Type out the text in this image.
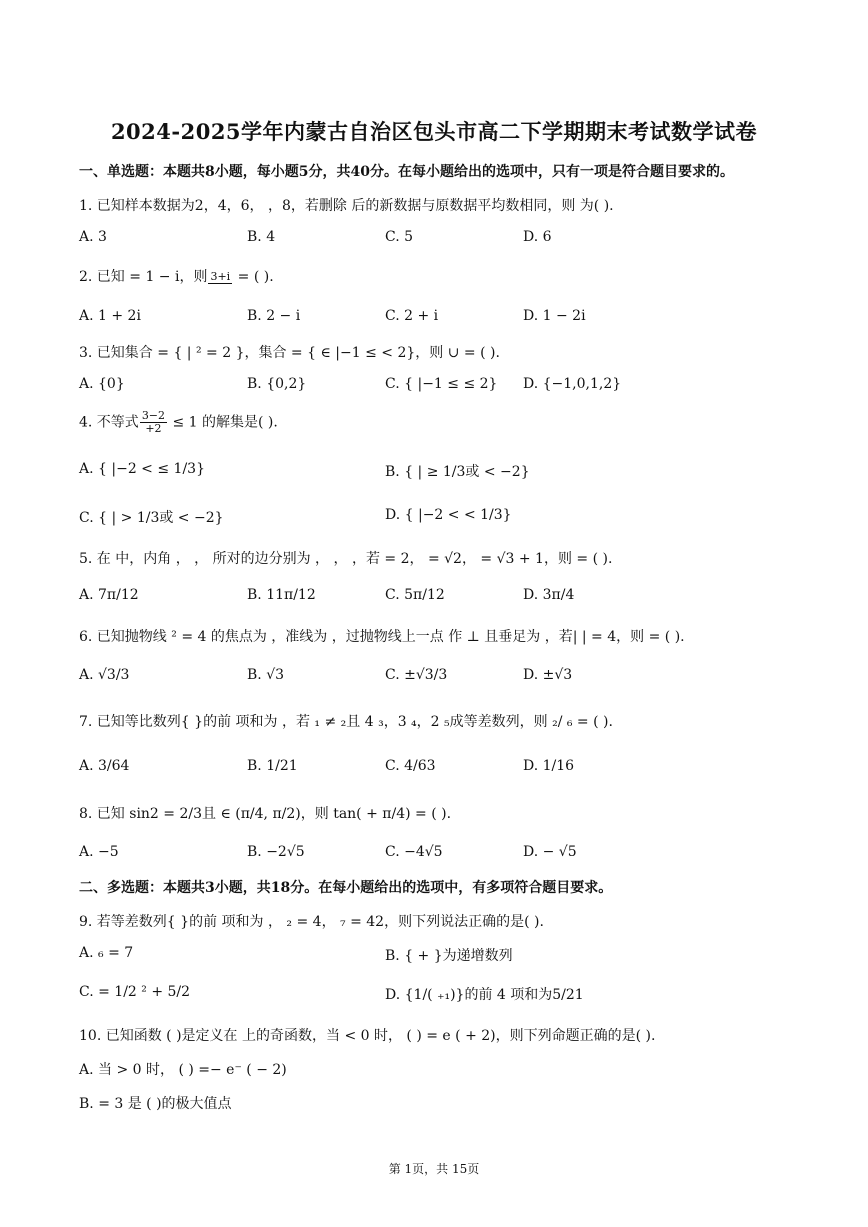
2024-2025学年内蒙古自治区包头市高二下学期期末考试数学试卷
一、单选题：本题共8小题，每小题5分，共40分。在每小题给出的选项中，只有一项是符合题目要求的。
1. 已知样本数据为2，4，6， ，8，若删除 后的新数据与原数据平均数相同，则 为( ).
A. 3	B. 4	C. 5	D. 6
2. 已知 = 1 − i，则 3+i = ( ).
A. 1 + 2i	B. 2 − i	C. 2 + i	D. 1 − 2i
3. 已知集合 = { | ² = 2 }，集合 = { ∈ |−1 ≤ < 2}，则 ∪ = ( ).
A. {0}	B. {0,2}	C. { |−1 ≤ ≤ 2} D. {−1,0,1,2}
4. 不等式 $\frac{3-2}{+2} \le 1$ 的解集是( ).
A. { |−2 < ≤ 1/3}	B. { | ≥ 1/3或 < −2}
C. { | > 1/3或 < −2}	D. { |−2 < < 1/3}
5. 在 中，内角 ， ， 所对的边分别为 ， ， ，若 = 2， = √2， = √3 + 1，则 = ( ).
A. 7π/12	B. 11π/12	C. 5π/12	D. 3π/4
6. 已知抛物线 ² = 4 的焦点为 ，准线为 ，过抛物线上一点 作 ⊥ 且垂足为 ，若| | = 4，则 = ( ).
A. √3/3	B. √3	C. ±√3/3	D. ±√3
7. 已知等比数列{ }的前 项和为 ，若 ₁ ≠ ₂且 4 ₃，3 ₄，2 ₅成等差数列，则 ₂/ ₆ = ( ).
A. 3/64	B. 1/21	C. 4/63	D. 1/16
8. 已知 sin2 = 2/3且 ∈ (π/4, π/2)，则 tan( + π/4) = ( ).
A. −5	B. −2√5	C. −4√5	D. − √5
二、多选题：本题共3小题，共18分。在每小题给出的选项中，有多项符合题目要求。
9. 若等差数列{ }的前 项和为 ， ₂ = 4， ₇ = 42，则下列说法正确的是( ).
A. ₆ = 7	B. { + }为递增数列
C. = 1/2 ² + 5/2	D. {1/( ₊₁)}的前 4 项和为5/21
10. 已知函数 ( )是定义在 上的奇函数，当 < 0 时， ( ) = e ( + 2)，则下列命题正确的是( ).
A. 当 > 0 时， ( ) =− e⁻ ( − 2)
B. = 3 是 ( )的极大值点
第 1页，共 15页
